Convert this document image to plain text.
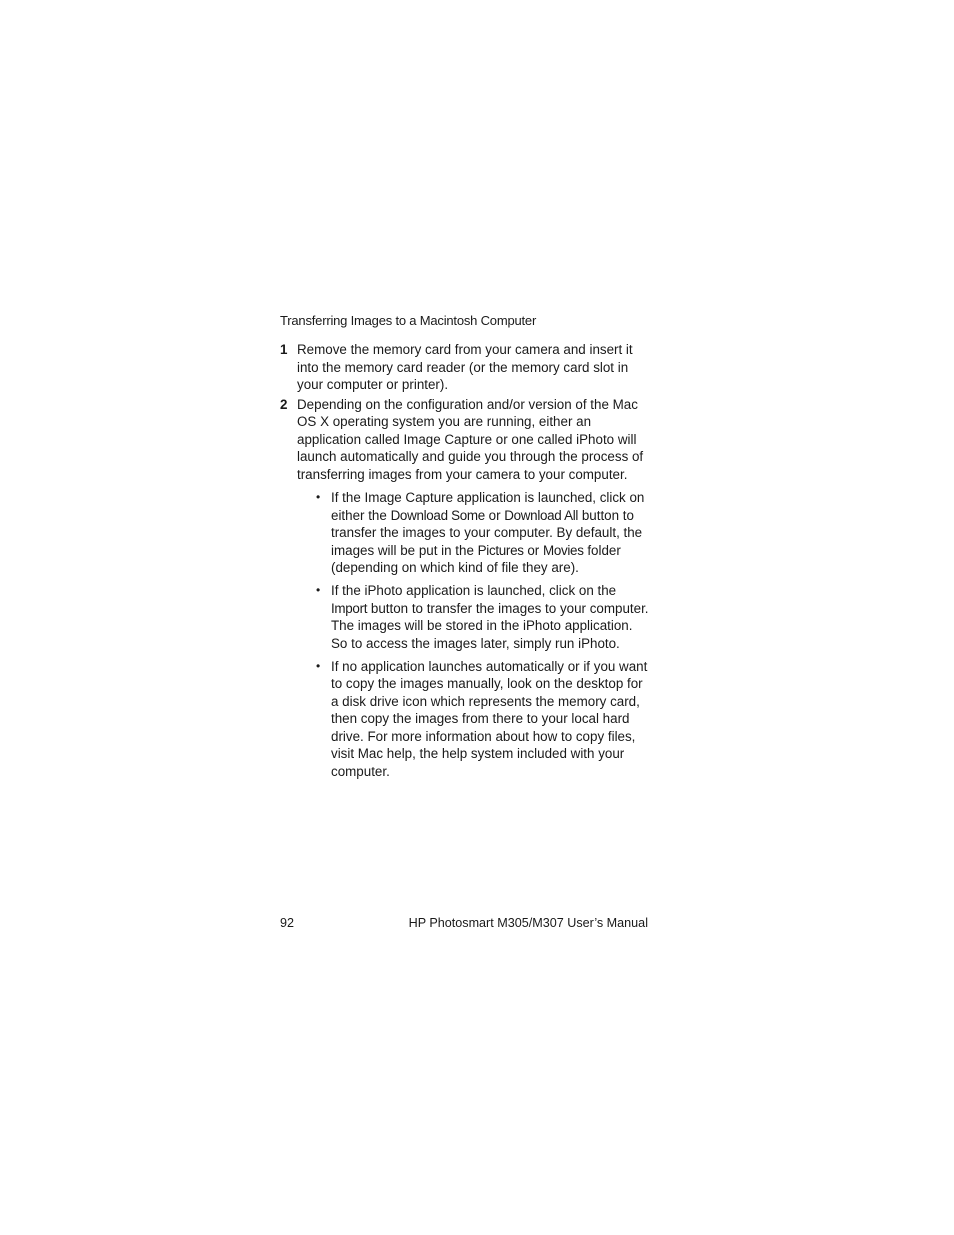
Transferring Images to a Macintosh Computer
1 Remove the memory card from your camera and insert it into the memory card reader (or the memory card slot in your computer or printer).
2 Depending on the configuration and/or version of the Mac OS X operating system you are running, either an application called Image Capture or one called iPhoto will launch automatically and guide you through the process of transferring images from your camera to your computer.
• If the Image Capture application is launched, click on either the Download Some or Download All button to transfer the images to your computer. By default, the images will be put in the Pictures or Movies folder (depending on which kind of file they are).
• If the iPhoto application is launched, click on the Import button to transfer the images to your computer. The images will be stored in the iPhoto application. So to access the images later, simply run iPhoto.
• If no application launches automatically or if you want to copy the images manually, look on the desktop for a disk drive icon which represents the memory card, then copy the images from there to your local hard drive. For more information about how to copy files, visit Mac help, the help system included with your computer.
92	HP Photosmart M305/M307 User’s Manual
